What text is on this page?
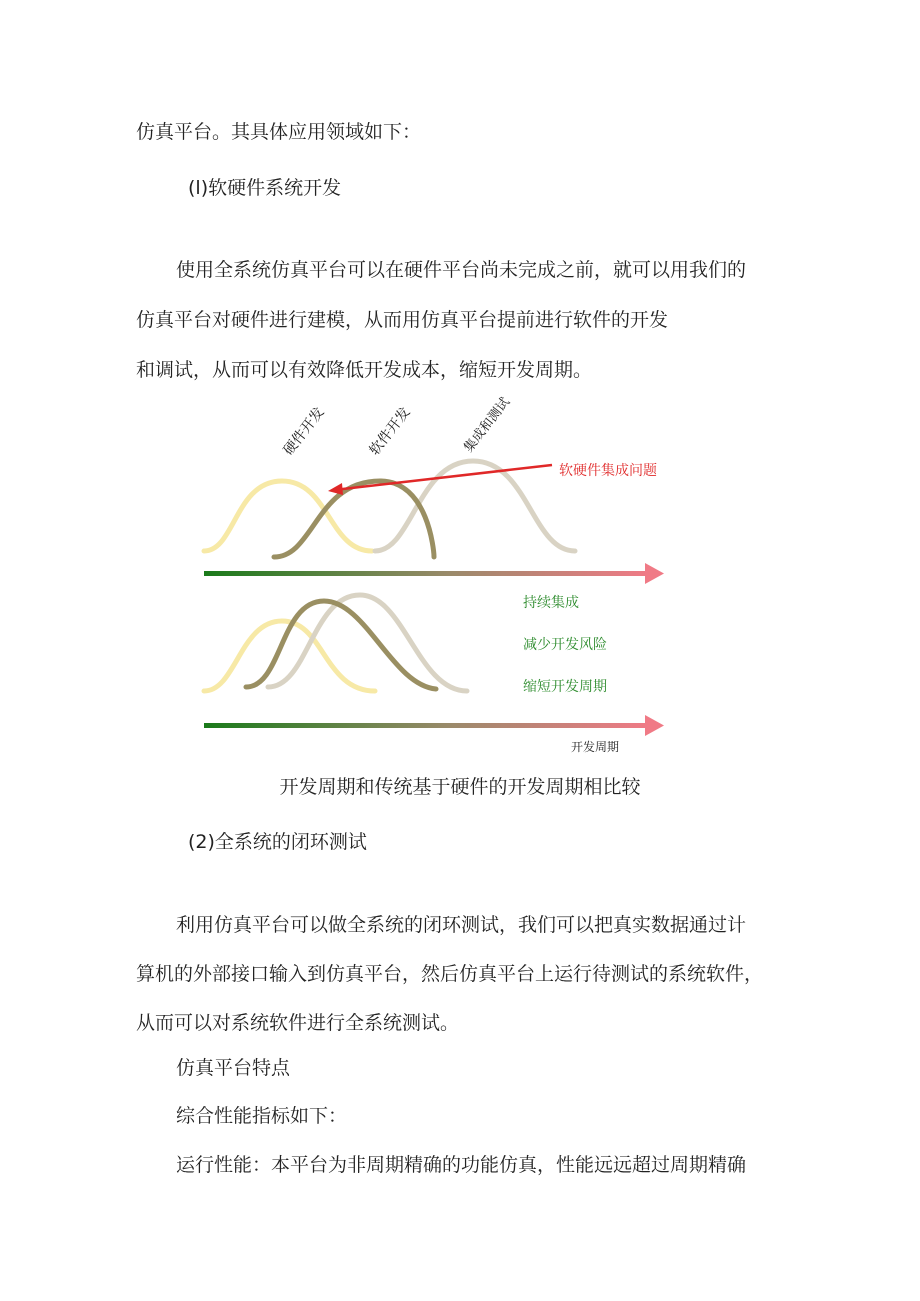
仿真平台。其具体应用领域如下：
(l)软硬件系统开发
使用全系统仿真平台可以在硬件平台尚未完成之前，就可以用我们的
仿真平台对硬件进行建模，从而用仿真平台提前进行软件的开发
和调试，从而可以有效降低开发成本，缩短开发周期。
硬件开发	软件开发	集成和测试
软硬件集成问题
持续集成
减少开发风险
缩短开发周期
开发周期
开发周期和传统基于硬件的开发周期相比较
(2)全系统的闭环测试
利用仿真平台可以做全系统的闭环测试，我们可以把真实数据通过计
算机的外部接口输入到仿真平台，然后仿真平台上运行待测试的系统软件，
从而可以对系统软件进行全系统测试。
仿真平台特点
综合性能指标如下：
运行性能：本平台为非周期精确的功能仿真，性能远远超过周期精确
